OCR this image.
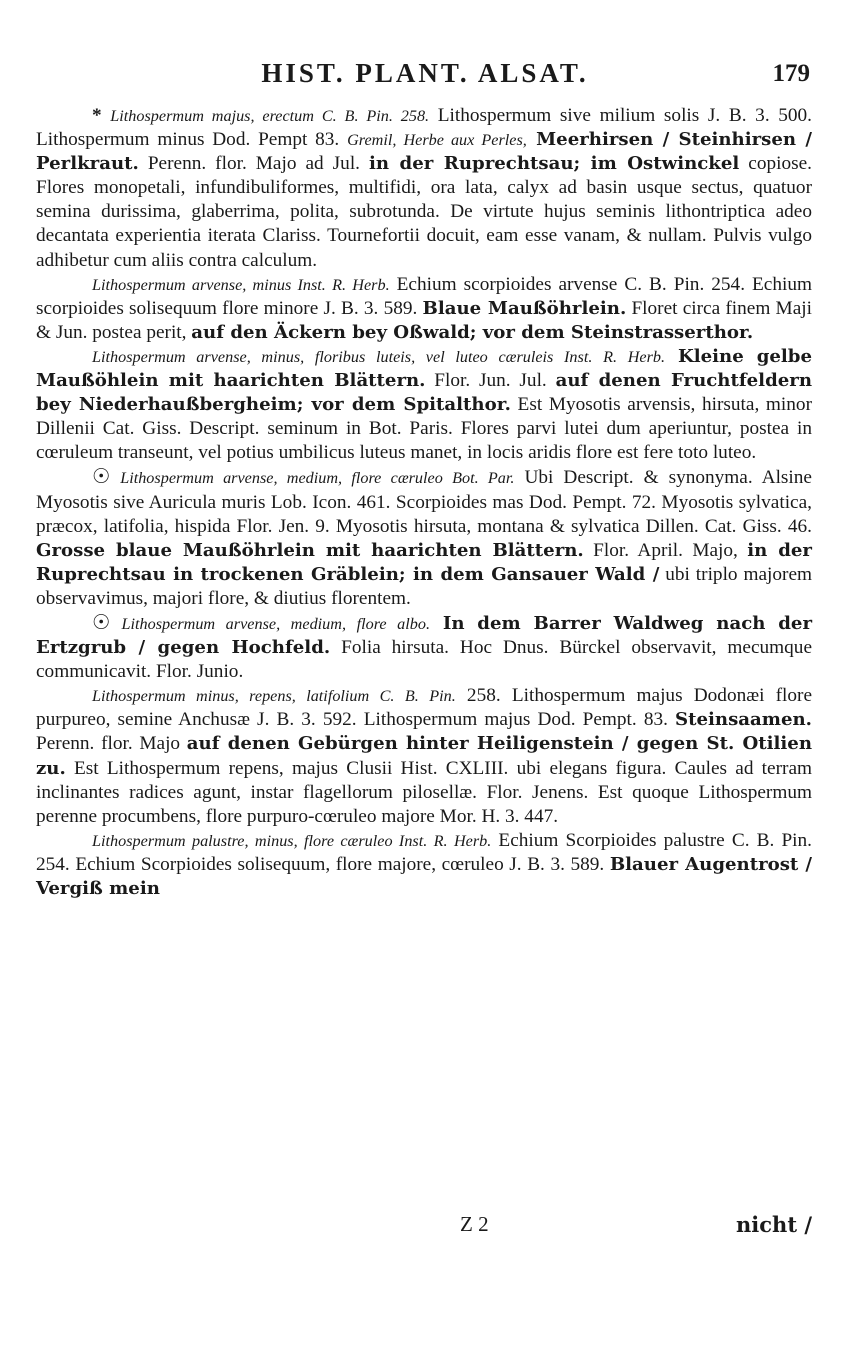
HIST. PLANT. ALSAT.	179

* Lithospermum majus, erectum C. B. Pin. 258. Lithospermum sive milium solis J. B. 3. 500. Lithospermum minus Dod. Pempt 83. Gremil, Herbe aux Perles, Meerhirsen / Steinhirsen / Perlkraut. Perenn. flor. Majo ad Jul. in der Ruprechtsau; im Ostwinckel copiose. Flores monopetali, infundibuliformes, multifidi, ora lata, calyx ad basin usque sectus, quatuor semina durissima, glaberrima, polita, subrotunda. De virtute hujus seminis lithontriptica adeo decantata experientia iterata Clariss. Tournefortii docuit, eam esse vanam, & nullam. Pulvis vulgo adhibetur cum aliis contra calculum.

Lithospermum arvense, minus Inst. R. Herb. Echium scorpioides arvense C. B. Pin. 254. Echium scorpioides solisequum flore minore J. B. 3. 589. Blaue Maußöhrlein. Floret circa finem Maji & Jun. postea perit, auf den Äckern bey Oßwald; vor dem Steinstrasserthor.

Lithospermum arvense, minus, floribus luteis, vel luteo cæruleis Inst. R. Herb. Kleine gelbe Maußöhlein mit haarichten Blättern. Flor. Jun. Jul. auf denen Fruchtfeldern bey Niederhaußbergheim; vor dem Spitalthor. Est Myosotis arvensis, hirsuta, minor Dillenii Cat. Giss. Descript. seminum in Bot. Paris. Flores parvi lutei dum aperiuntur, postea in cœruleum transeunt, vel potius umbilicus luteus manet, in locis aridis flore est fere toto luteo.

☉ Lithospermum arvense, medium, flore cæruleo Bot. Par. Ubi Descript. & synonyma. Alsine Myosotis sive Auricula muris Lob. Icon. 461. Scorpioides mas Dod. Pempt. 72. Myosotis sylvatica, præcox, latifolia, hispida Flor. Jen. 9. Myosotis hirsuta, montana & sylvatica Dillen. Cat. Giss. 46. Grosse blaue Maußöhrlein mit haarichten Blättern. Flor. April. Majo, in der Ruprechtsau in trockenen Gräblein; in dem Gansauer Wald / ubi triplo majorem observavimus, majori flore, & diutius florentem.

☉ Lithospermum arvense, medium, flore albo. In dem Barrer Waldweg nach der Ertzgrub / gegen Hochfeld. Folia hirsuta. Hoc Dnus. Bürckel observavit, mecumque communicavit. Flor. Junio.

Lithospermum minus, repens, latifolium C. B. Pin. 258. Lithospermum majus Dodonæi flore purpureo, semine Anchusæ J. B. 3. 592. Lithospermum majus Dod. Pempt. 83. Steinsaamen. Perenn. flor. Majo auf denen Gebürgen hinter Heiligenstein / gegen St. Otilien zu. Est Lithospermum repens, majus Clusii Hist. CXLIII. ubi elegans figura. Caules ad terram inclinantes radices agunt, instar flagellorum pilosellæ. Flor. Jenens. Est quoque Lithospermum perenne procumbens, flore purpuro-cœruleo majore Mor. H. 3. 447.

Lithospermum palustre, minus, flore cæruleo Inst. R. Herb. Echium Scorpioides palustre C. B. Pin. 254. Echium Scorpioides solisequum, flore majore, cœruleo J. B. 3. 589. Blauer Augentrost / Vergiß mein

Z 2	nicht /
